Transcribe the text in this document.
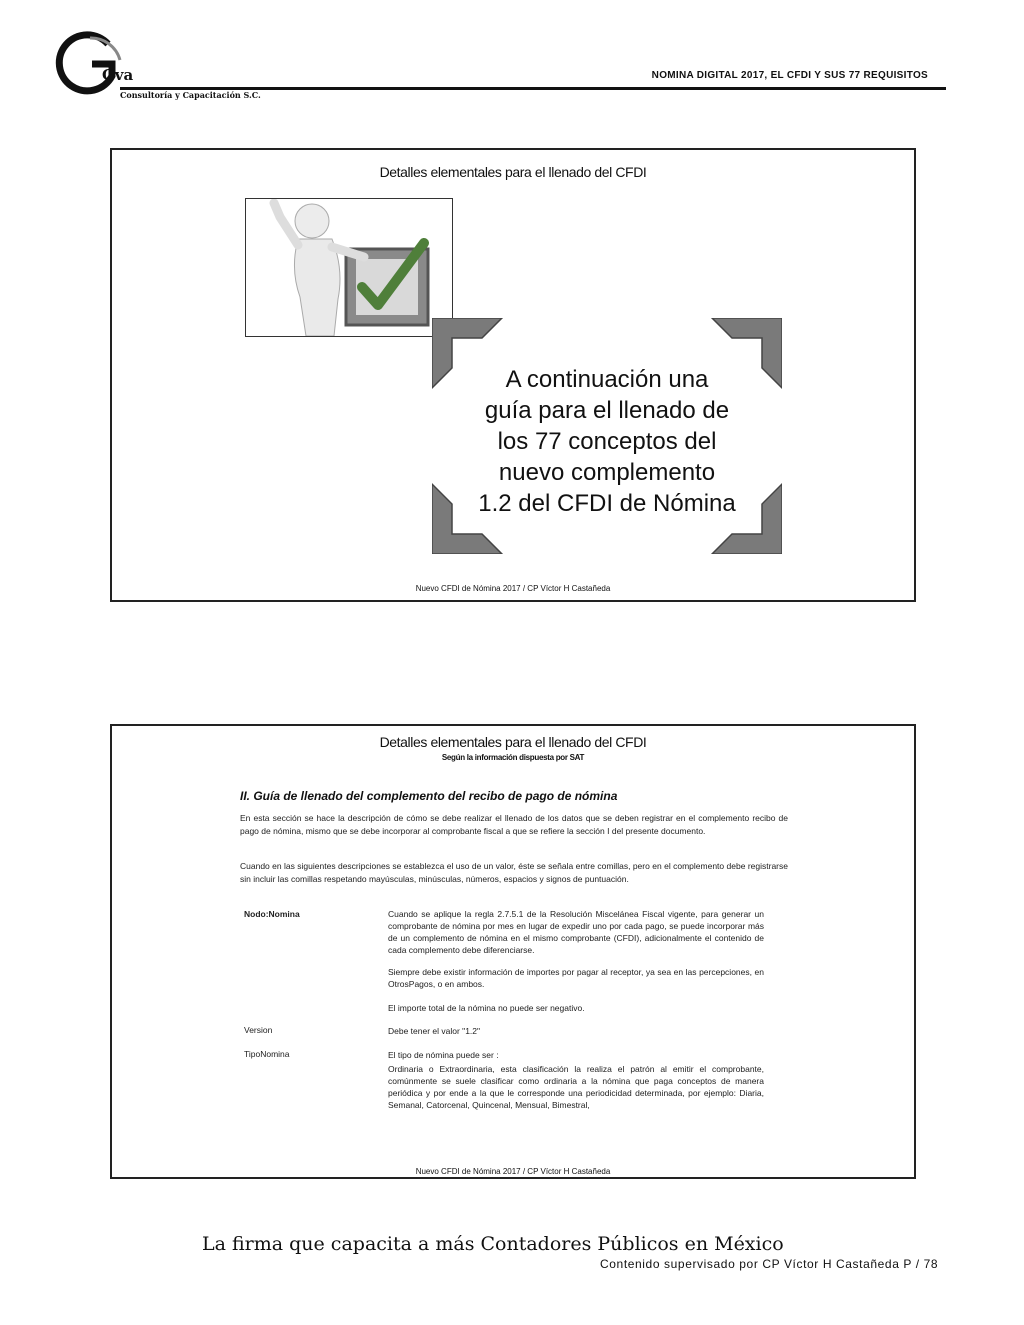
Gva
Consultoría y Capacitación S.C.
NOMINA DIGITAL 2017, EL CFDI Y SUS 77 REQUISITOS
Detalles elementales para el llenado del CFDI
A continuación una
guía para el llenado de
los 77 conceptos del
nuevo complemento
1.2 del CFDI de Nómina
Nuevo CFDI de Nómina 2017 / CP Víctor H Castañeda
Detalles elementales para el llenado del CFDI
Según la información dispuesta por SAT
II. Guía de llenado del complemento del recibo de pago de nómina
En esta sección se hace la descripción de cómo se debe realizar el llenado de los datos que se deben registrar en el complemento recibo de pago de nómina, mismo que se debe incorporar al comprobante fiscal a que se refiere la sección I del presente documento.
Cuando en las siguientes descripciones se establezca el uso de un valor, éste se señala entre comillas, pero en el complemento debe registrarse sin incluir las comillas respetando mayúsculas, minúsculas, números, espacios y signos de puntuación.
Nodo:Nomina	Cuando se aplique la regla 2.7.5.1 de la Resolución Miscelánea Fiscal vigente, para generar un comprobante de nómina por mes en lugar de expedir uno por cada pago, se puede incorporar más de un complemento de nómina en el mismo comprobante (CFDI), adicionalmente el contenido de cada complemento debe diferenciarse.
Siempre debe existir información de importes por pagar al receptor, ya sea en las percepciones, en OtrosPagos, o en ambos.
El importe total de la nómina no puede ser negativo.
Version	Debe tener el valor "1.2"
TipoNomina	El tipo de nómina puede ser :
Ordinaria o Extraordinaria, esta clasificación la realiza el patrón al emitir el comprobante, comúnmente se suele clasificar como ordinaria a la nómina que paga conceptos de manera periódica y por ende a la que le corresponde una periodicidad determinada, por ejemplo: Diaria, Semanal, Catorcenal, Quincenal, Mensual, Bimestral,
Nuevo CFDI de Nómina 2017 / CP Víctor H Castañeda
La firma que capacita a más Contadores Públicos en México
Contenido supervisado por CP Víctor H Castañeda P / 78
